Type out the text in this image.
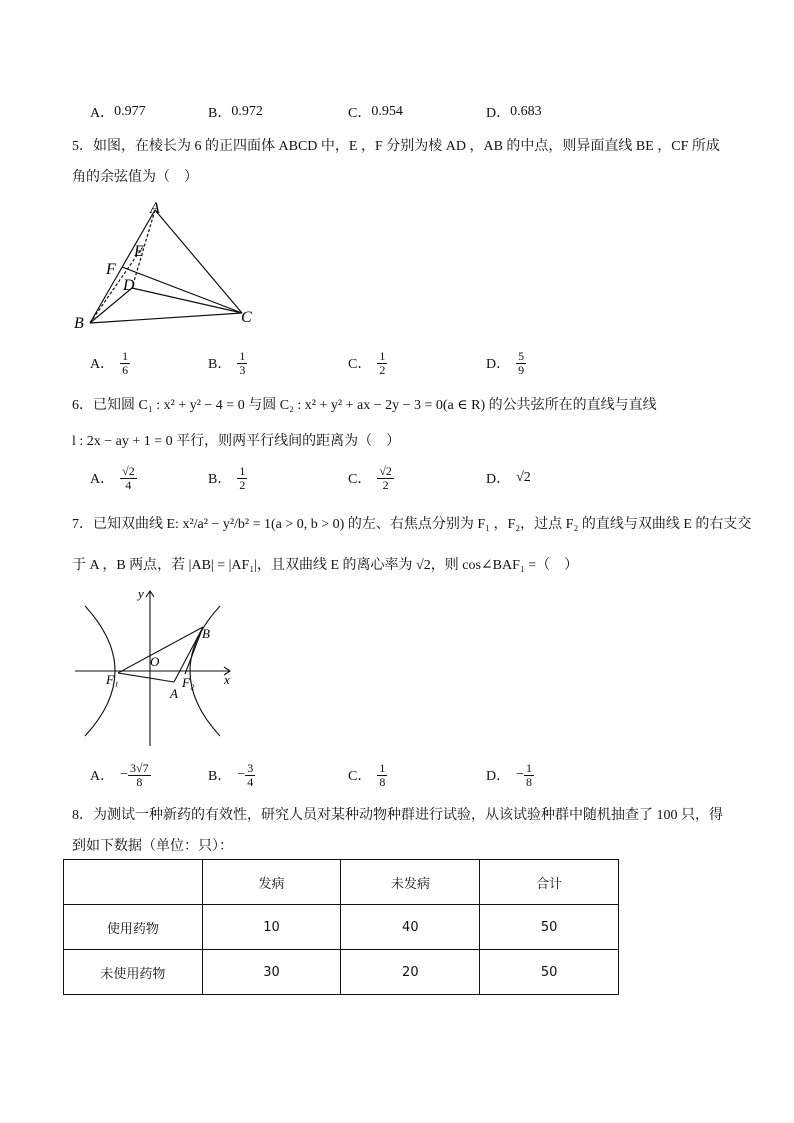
A． 0.977	B． 0.972	C． 0.954	D． 0.683
5．如图，在棱长为 6 的正四面体 ABCD 中，E ，F 分别为棱 AD ，AB 的中点，则异面直线 BE ，CF 所成
角的余弦值为（　）
A
E
F
D
B	C
A． $\frac{1}{6}$	B． $\frac{1}{3}$	C． $\frac{1}{2}$	D． $\frac{5}{9}$
6．已知圆 C₁ : x² + y² − 4 = 0 与圆 C₂ : x² + y² + ax − 2y − 3 = 0(a ∈ R) 的公共弦所在的直线与直线
l : 2x − ay + 1 = 0 平行，则两平行线间的距离为（　）
A． $\frac{√2}{4}$	B． $\frac{1}{2}$	C． $\frac{√2}{2}$	D． √2
7．已知双曲线 E: x²/a² − y²/b² = 1(a > 0, b > 0) 的左、右焦点分别为 F₁ ，F₂，过点 F₂ 的直线与双曲线 E 的右支交
于 A ，B 两点，若 |AB| = |AF₁|，且双曲线 E 的离心率为 √2，则 cos∠BAF₁ =（　）
y
x
O
B
A
F₁	F₂
A． − $\frac{3√7}{8}$	B． − $\frac{3}{4}$	C． $\frac{1}{8}$	D． − $\frac{1}{8}$
8．为测试一种新药的有效性，研究人员对某种动物种群进行试验，从该试验种群中随机抽查了 100 只，得
到如下数据（单位：只）：
	发病	未发病	合计
使用药物	10	40	50
未使用药物	30	20	50
